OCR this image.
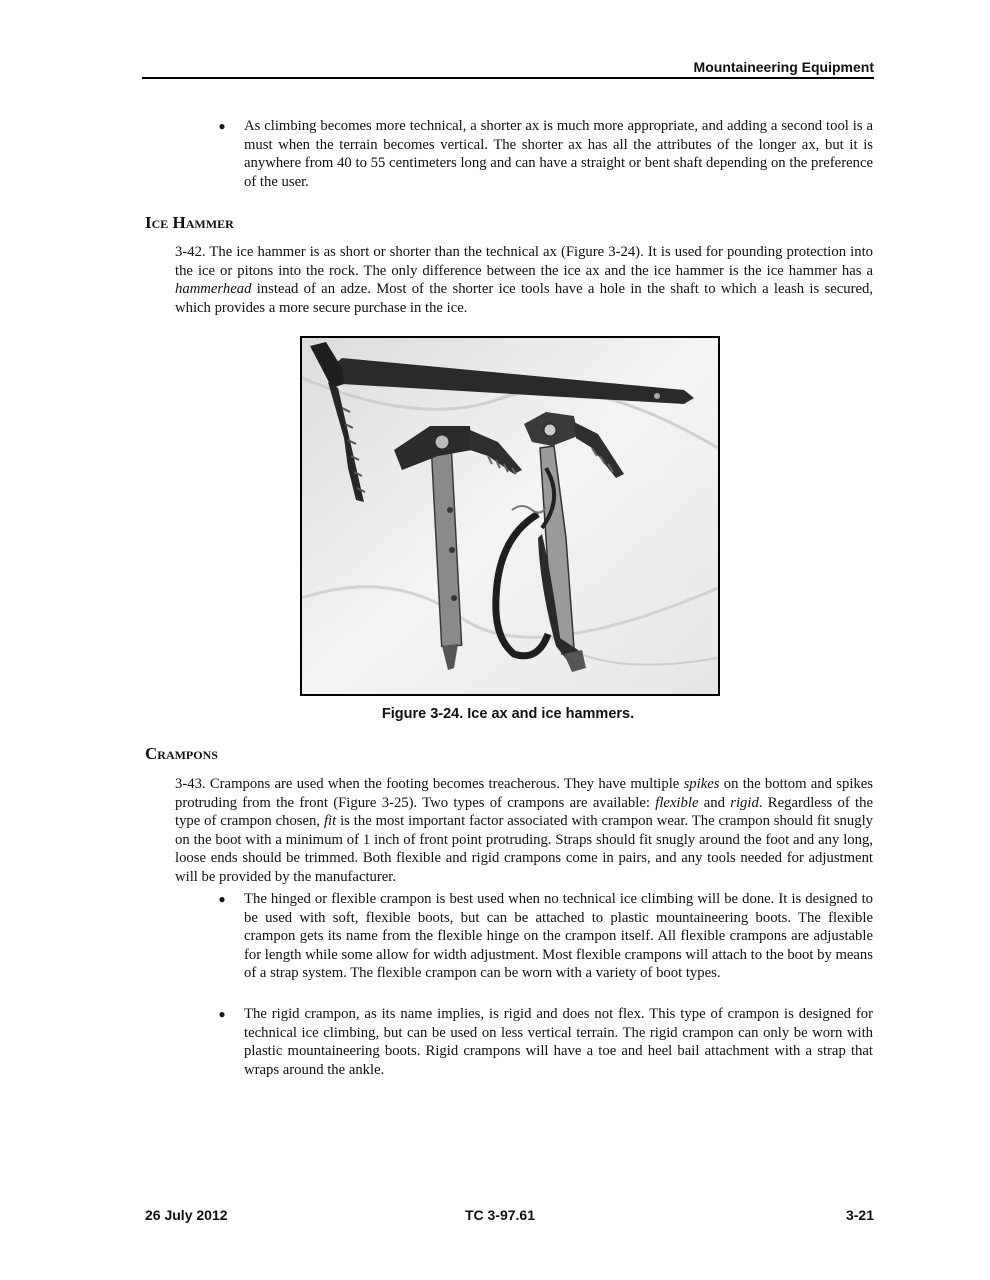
Mountaineering Equipment
● As climbing becomes more technical, a shorter ax is much more appropriate, and adding a second tool is a must when the terrain becomes vertical. The shorter ax has all the attributes of the longer ax, but it is anywhere from 40 to 55 centimeters long and can have a straight or bent shaft depending on the preference of the user.

Ice Hammer

3-42. The ice hammer is as short or shorter than the technical ax (Figure 3-24). It is used for pounding protection into the ice or pitons into the rock. The only difference between the ice ax and the ice hammer is the ice hammer has a hammerhead instead of an adze. Most of the shorter ice tools have a hole in the shaft to which a leash is secured, which provides a more secure purchase in the ice.

Figure 3-24. Ice ax and ice hammers.
Crampons

3-43. Crampons are used when the footing becomes treacherous. They have multiple spikes on the bottom and spikes protruding from the front (Figure 3-25). Two types of crampons are available: flexible and rigid. Regardless of the type of crampon chosen, fit is the most important factor associated with crampon wear. The crampon should fit snugly on the boot with a minimum of 1 inch of front point protruding. Straps should fit snugly around the foot and any long, loose ends should be trimmed. Both flexible and rigid crampons come in pairs, and any tools needed for adjustment will be provided by the manufacturer.

● The hinged or flexible crampon is best used when no technical ice climbing will be done. It is designed to be used with soft, flexible boots, but can be attached to plastic mountaineering boots. The flexible crampon gets its name from the flexible hinge on the crampon itself. All flexible crampons are adjustable for length while some allow for width adjustment. Most flexible crampons will attach to the boot by means of a strap system. The flexible crampon can be worn with a variety of boot types.

● The rigid crampon, as its name implies, is rigid and does not flex. This type of crampon is designed for technical ice climbing, but can be used on less vertical terrain. The rigid crampon can only be worn with plastic mountaineering boots. Rigid crampons will have a toe and heel bail attachment with a strap that wraps around the ankle.

26 July 2012	TC 3-97.61	3-21
